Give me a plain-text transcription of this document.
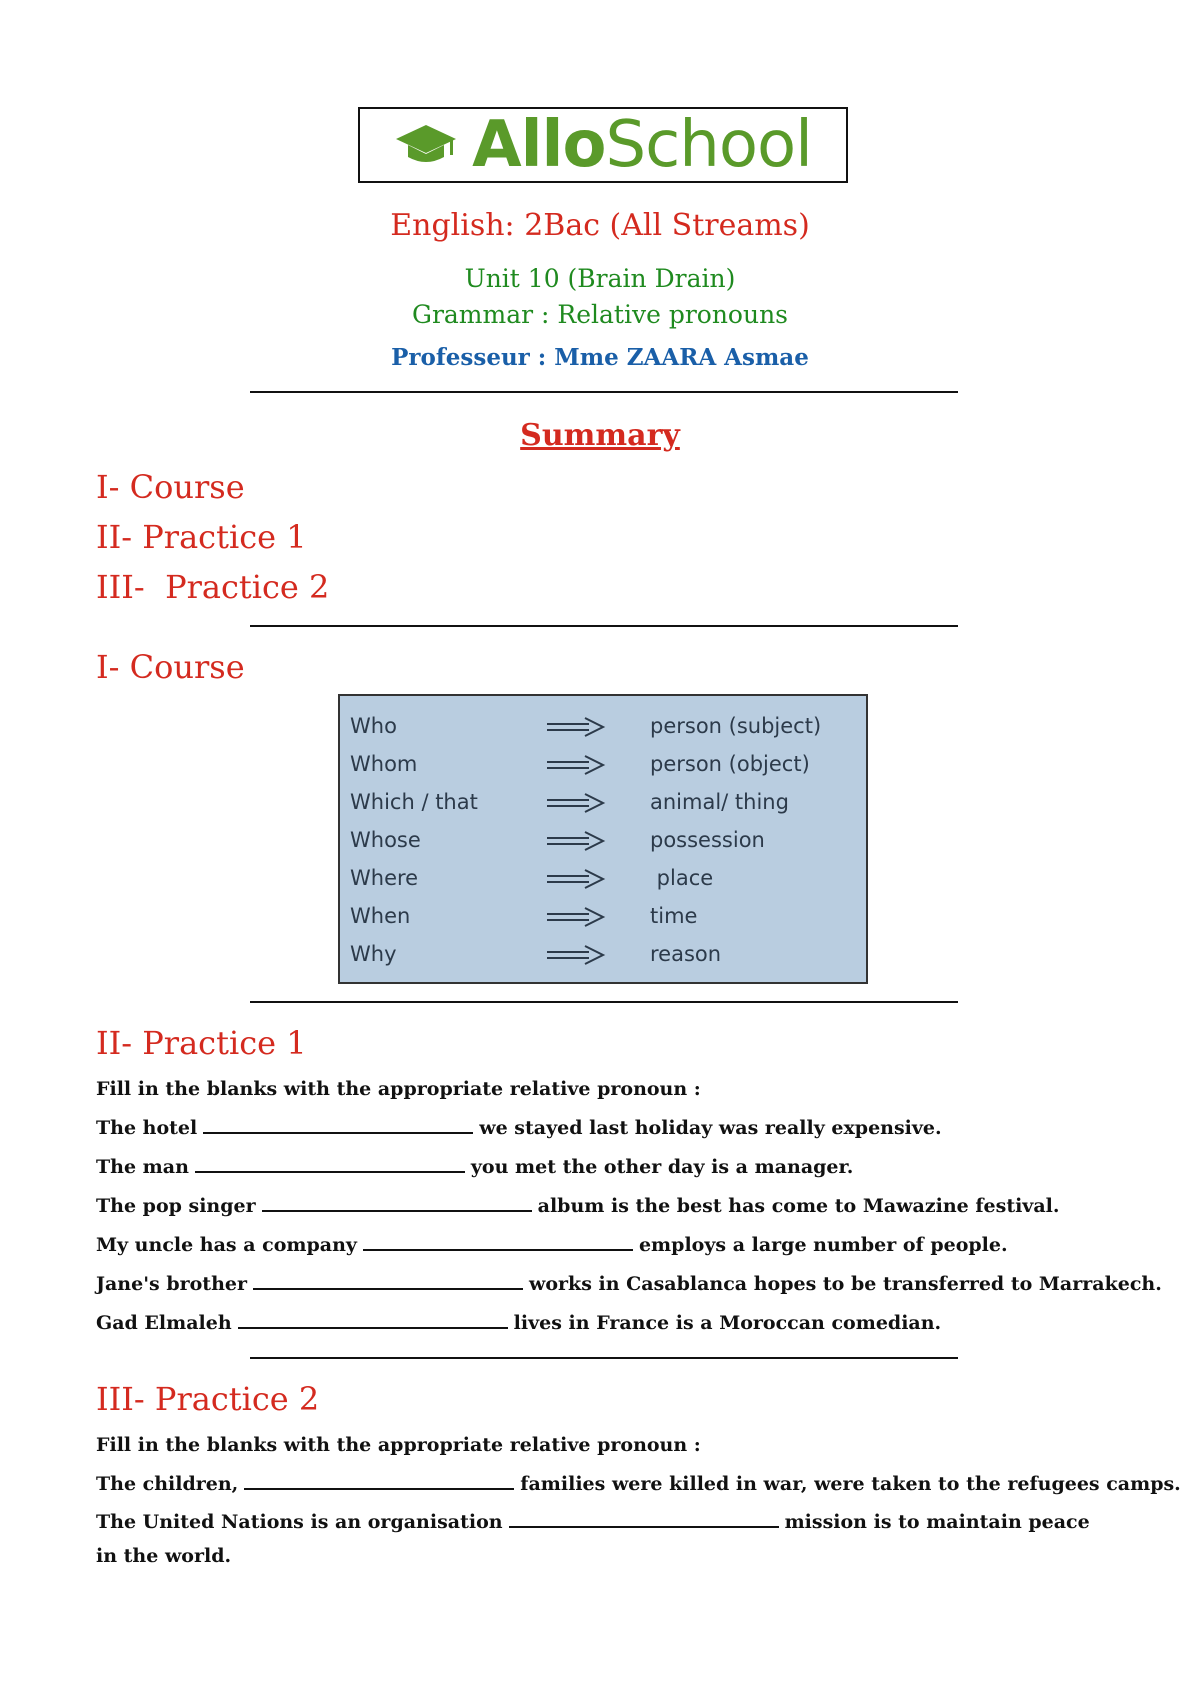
AlloSchool
English: 2Bac (All Streams)
Unit 10 (Brain Drain)
Grammar : Relative pronouns
Professeur : Mme ZAARA Asmae
Summary
I- Course
II- Practice 1
III-  Practice 2
I- Course
Who	person (subject)
Whom	person (object)
Which / that	animal/ thing
Whose	possession
Where	place
When	time
Why	reason
II- Practice 1
Fill in the blanks with the appropriate relative pronoun :
The hotel	we stayed last holiday was really expensive.
The man	you met the other day is a manager.
The pop singer	album is the best has come to Mawazine festival.
My uncle has a company	employs a large number of people.
Jane's brother	works in Casablanca hopes to be transferred to Marrakech.
Gad Elmaleh	lives in France is a Moroccan comedian.
III- Practice 2
Fill in the blanks with the appropriate relative pronoun :
The children,	families were killed in war, were taken to the refugees camps.
The United Nations is an organisation	mission is to maintain peace in the world.
